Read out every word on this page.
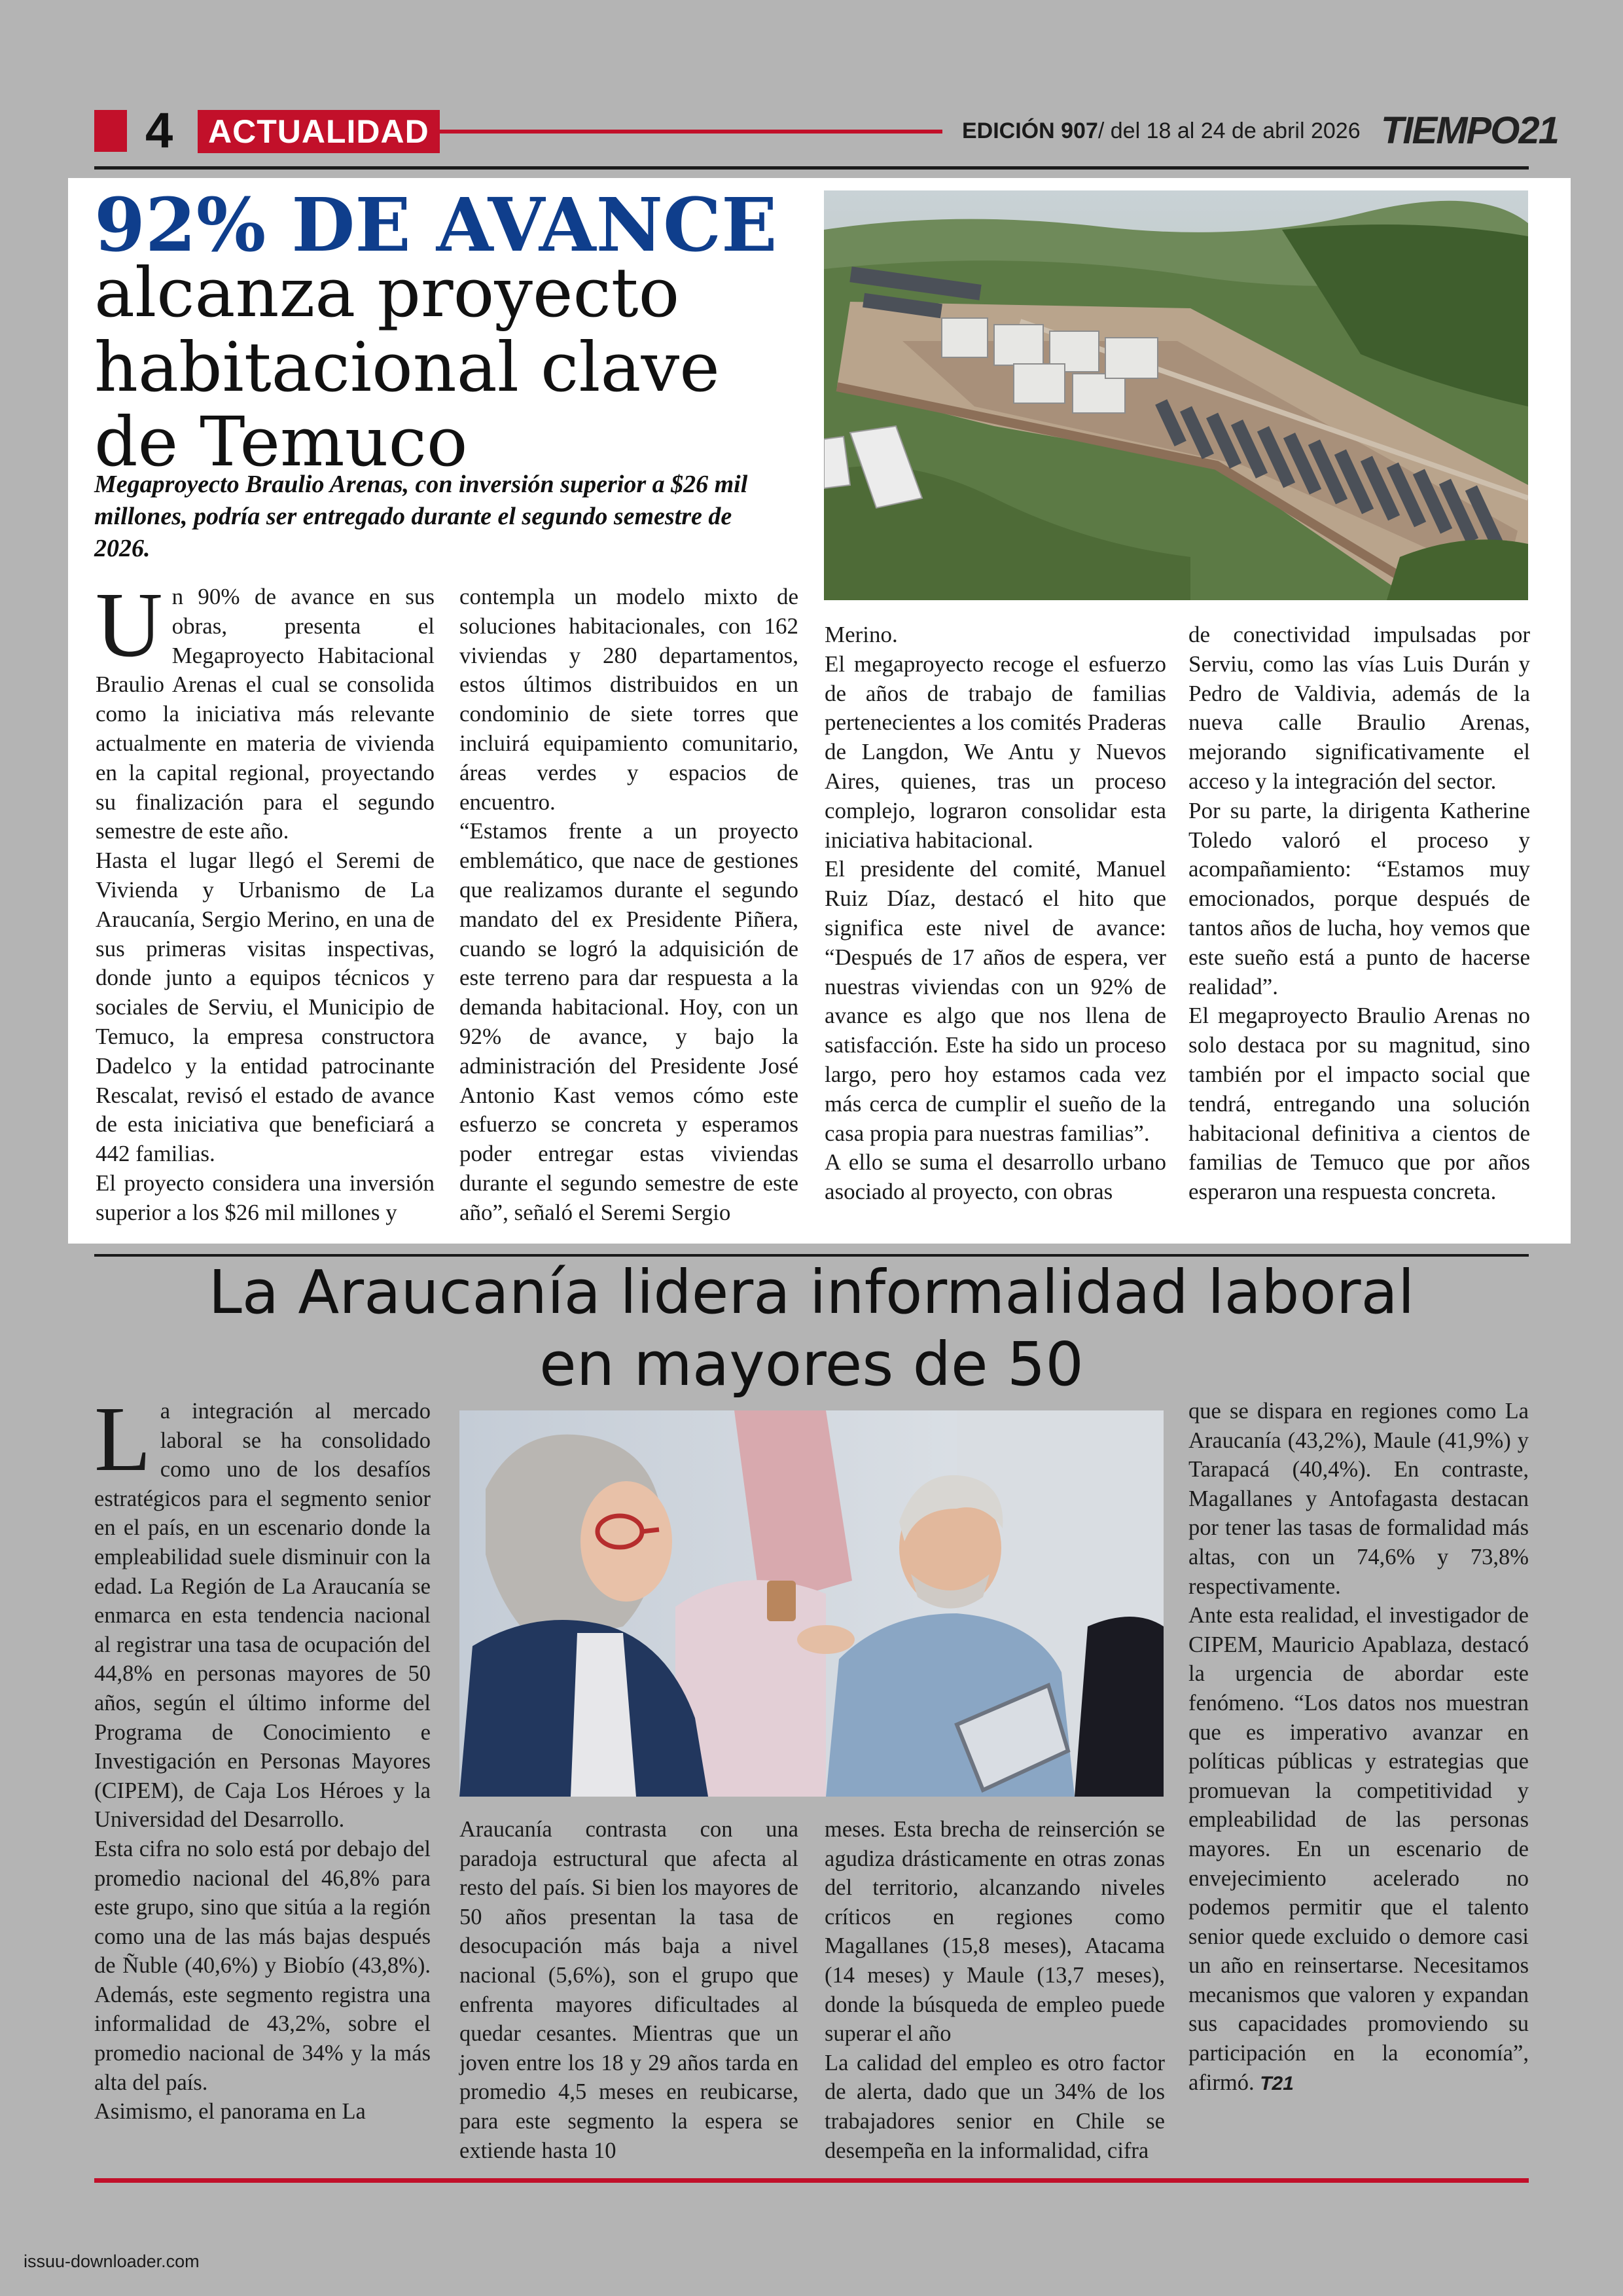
4	ACTUALIDAD	EDICIÓN 907/ del 18 al 24 de abril 2026 TIEMPO21
92% DE AVANCE
alcanza proyecto habitacional clave de Temuco
Megaproyecto Braulio Arenas, con inversión superior a $26 mil millones, podría ser entregado durante el segundo semestre de 2026.

Un 90% de avance en sus obras, presenta el Megaproyecto Habitacional Braulio Arenas el cual se consolida como la iniciativa más relevante actualmente en materia de vivienda en la capital regional, proyectando su finalización para el segundo semestre de este año.

Hasta el lugar llegó el Seremi de Vivienda y Urbanismo de La Araucanía, Sergio Merino, en una de sus primeras visitas inspectivas, donde junto a equipos técnicos y sociales de Serviu, el Municipio de Temuco, la empresa constructora Dadelco y la entidad patrocinante Rescalat, revisó el estado de avance de esta iniciativa que beneficiará a 442 familias.

El proyecto considera una inversión superior a los $26 mil millones y

contempla un modelo mixto de soluciones habitacionales, con 162 viviendas y 280 departamentos, estos últimos distribuidos en un condominio de siete torres que incluirá equipamiento comunitario, áreas verdes y espacios de encuentro.

“Estamos frente a un proyecto emblemático, que nace de gestiones que realizamos durante el segundo mandato del ex Presidente Piñera, cuando se logró la adquisición de este terreno para dar respuesta a la demanda habitacional. Hoy, con un 92% de avance, y bajo la administración del Presidente José Antonio Kast vemos cómo este esfuerzo se concreta y esperamos poder entregar estas viviendas durante el segundo semestre de este año”, señaló el Seremi Sergio

Merino.

El megaproyecto recoge el esfuerzo de años de trabajo de familias pertenecientes a los comités Praderas de Langdon, We Antu y Nuevos Aires, quienes, tras un proceso complejo, lograron consolidar esta iniciativa habitacional.

El presidente del comité, Manuel Ruiz Díaz, destacó el hito que significa este nivel de avance: “Después de 17 años de espera, ver nuestras viviendas con un 92% de avance es algo que nos llena de satisfacción. Este ha sido un proceso largo, pero hoy estamos cada vez más cerca de cumplir el sueño de la casa propia para nuestras familias”.

A ello se suma el desarrollo urbano asociado al proyecto, con obras

de conectividad impulsadas por Serviu, como las vías Luis Durán y Pedro de Valdivia, además de la nueva calle Braulio Arenas, mejorando significativamente el acceso y la integración del sector.

Por su parte, la dirigenta Katherine Toledo valoró el proceso y acompañamiento: “Estamos muy emocionados, porque después de tantos años de lucha, hoy vemos que este sueño está a punto de hacerse realidad”.

El megaproyecto Braulio Arenas no solo destaca por su magnitud, sino también por el impacto social que tendrá, entregando una solución habitacional definitiva a cientos de familias de Temuco que por años esperaron una respuesta concreta.

La Araucanía lidera informalidad laboral
en mayores de 50

La integración al mercado laboral se ha consolidado como uno de los desafíos estratégicos para el segmento senior en el país, en un escenario donde la empleabilidad suele disminuir con la edad. La Región de La Araucanía se enmarca en esta tendencia nacional al registrar una tasa de ocupación del 44,8% en personas mayores de 50 años, según el último informe del Programa de Conocimiento e Investigación en Personas Mayores (CIPEM), de Caja Los Héroes y la Universidad del Desarrollo.

Esta cifra no solo está por debajo del promedio nacional del 46,8% para este grupo, sino que sitúa a la región como una de las más bajas después de Ñuble (40,6%) y Biobío (43,8%). Además, este segmento registra una informalidad de 43,2%, sobre el promedio nacional de 34% y la más alta del país.

Asimismo, el panorama en La

Araucanía contrasta con una paradoja estructural que afecta al resto del país. Si bien los mayores de 50 años presentan la tasa de desocupación más baja a nivel nacional (5,6%), son el grupo que enfrenta mayores dificultades al quedar cesantes. Mientras que un joven entre los 18 y 29 años tarda en promedio 4,5 meses en reubicarse, para este segmento la espera se extiende hasta 10

meses. Esta brecha de reinserción se agudiza drásticamente en otras zonas del territorio, alcanzando niveles críticos en regiones como Magallanes (15,8 meses), Atacama (14 meses) y Maule (13,7 meses), donde la búsqueda de empleo puede superar el año

La calidad del empleo es otro factor de alerta, dado que un 34% de los trabajadores senior en Chile se desempeña en la informalidad, cifra

que se dispara en regiones como La Araucanía (43,2%), Maule (41,9%) y Tarapacá (40,4%). En contraste, Magallanes y Antofagasta destacan por tener las tasas de formalidad más altas, con un 74,6% y 73,8% respectivamente.

Ante esta realidad, el investigador de CIPEM, Mauricio Apablaza, destacó la urgencia de abordar este fenómeno. “Los datos nos muestran que es imperativo avanzar en políticas públicas y estrategias que promuevan la competitividad y empleabilidad de las personas mayores. En un escenario de envejecimiento acelerado no podemos permitir que el talento senior quede excluido o demore casi un año en reinsertarse. Necesitamos mecanismos que valoren y expandan sus capacidades promoviendo su participación en la economía”, afirmó. T21

issuu-downloader.com
